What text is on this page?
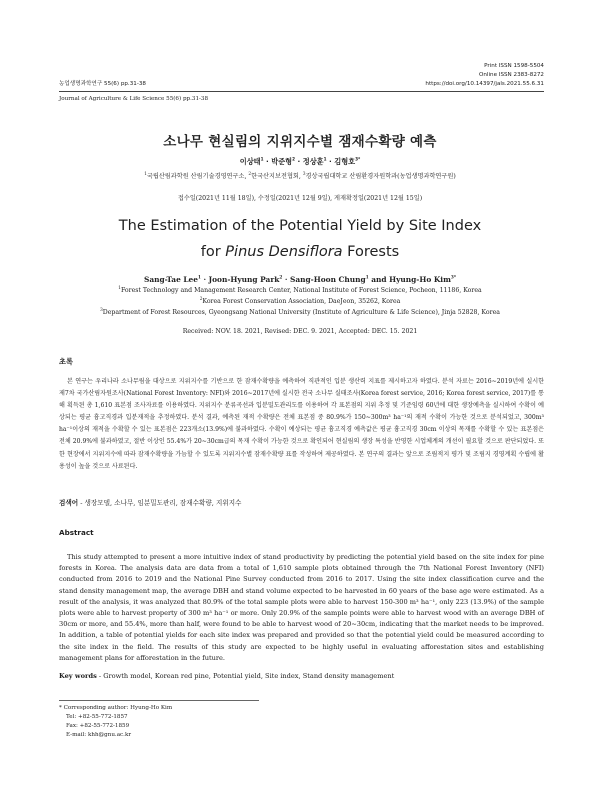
Print ISSN 1598-5504
Online ISSN 2383-8272
농업생명과학연구 55(6) pp.31-38	https://doi.org/10.14397/jals.2021.55.6.31
Journal of Agriculture & Life Science 55(6) pp.31-38
소나무 현실림의 지위지수별 잼재수확량 예측
이상태$^1$ · 박준형$^2$ · 정상훈$^1$ · 김형호$^{3*}$
$^1$국립산림과학원 산림기술경영연구소, $^2$한국산지보전협회, $^3$경상국립대학교 산림환경자원학과(농업생명과학연구원)
접수일(2021년 11월 18일), 수정일(2021년 12월 9일), 게재확정일(2021년 12월 15일)
The Estimation of the Potential Yield by Site Index
for Pinus Densiflora Forests
Sang-Tae Lee$^1$ · Joon-Hyung Park$^2$ · Sang-Hoon Chung$^1$ and Hyung-Ho Kim$^{3*}$
$^1$Forest Technology and Management Research Center, National Institute of Forest Science, Pocheon, 11186, Korea
$^2$Korea Forest Conservation Association, DaeJeon, 35262, Korea
$^3$Department of Forest Resources, Gyeongsang National University (Institute of Agriculture & Life Science), Jinja 52828, Korea
Received: NOV. 18. 2021, Revised: DEC. 9. 2021, Accepted: DEC. 15. 2021
초록
본 연구는 우리나라 소나무림을 대상으로 지위지수를 기반으로 한 잠재수확량을 예측하여 직관적인 입분 생산력 지표를 제시하고자 하였다. 분석 자료는 2016~2019년에 실시한 제7차 국가산림자원조사(National Forest Inventory: NFI)와 2016~2017년에 실시한 전국 소나무 실태조사(Korea forest service, 2016; Korea forest service, 2017)를 통해 획득된 총 1,610 표본점 조사자료를 이용하였다. 지위지수 분류곡선과 입분밀도관리도를 이용하여 각 표본점의 지위 추정 및 기준임령 60년에 대한 생장예측을 실시하여 수확이 예상되는 평균 흉고직경과 입분재적을 추정하였다. 분석 결과, 예측된 재적 수확량은 전체 표본점 중 80.9%가 150~300m³ ha⁻¹의 재적 수확이 가능한 것으로 분석되었고, 300m³ ha⁻¹이상의 재적을 수확할 수 있는 표본점은 223개소(13.9%)에 불과하였다. 수확이 예상되는 평균 흉고직경 예측값은 평균 흉고직경 30cm 이상의 목재를 수확할 수 있는 표본점은 전체 20.9%에 불과하였고, 절반 이상인 55.4%가 20~30cm급의 목재 수확이 가능한 것으로 확인되어 현실림의 생장 특성을 반영한 시업체계의 개선이 필요할 것으로 판단되었다. 또한 현장에서 지위지수에 따라 잠재수확량을 가늠할 수 있도록 지위지수별 잠재수확량 표를 작성하여 제공하였다. 본 연구의 결과는 앞으로 조림적지 평가 및 조림지 경영계획 수립에 활용성이 높을 것으로 사료된다.
검색어 - 생장모델, 소나무, 임분밀도관리, 잠재수확량, 지위지수
Abstract
This study attempted to present a more intuitive index of stand productivity by predicting the potential yield based on the site index for pine forests in Korea. The analysis data are data from a total of 1,610 sample plots obtained through the 7th National Forest Inventory (NFI) conducted from 2016 to 2019 and the National Pine Survey conducted from 2016 to 2017. Using the site index classification curve and the stand density management map, the average DBH and stand volume expected to be harvested in 60 years of the base age were estimated. As a result of the analysis, it was analyzed that 80.9% of the total sample plots were able to harvest 150-300 m³ ha⁻¹, only 223 (13.9%) of the sample plots were able to harvest property of 300 m³ ha⁻¹ or more. Only 20.9% of the sample points were able to harvest wood with an average DBH of 30cm or more, and 55.4%, more than half, were found to be able to harvest wood of 20~30cm, indicating that the market needs to be improved. In addition, a table of potential yields for each site index was prepared and provided so that the potential yield could be measured according to the site index in the field. The results of this study are expected to be highly useful in evaluating afforestation sites and establishing management plans for afforestation in the future.
Key words - Growth model, Korean red pine, Potential yield, Site index, Stand density management
* Corresponding author: Hyung-Ho Kim
Tel: +82-55-772-1857
Fax: +82-55-772-1859
E-mail: khh@gnu.ac.kr
